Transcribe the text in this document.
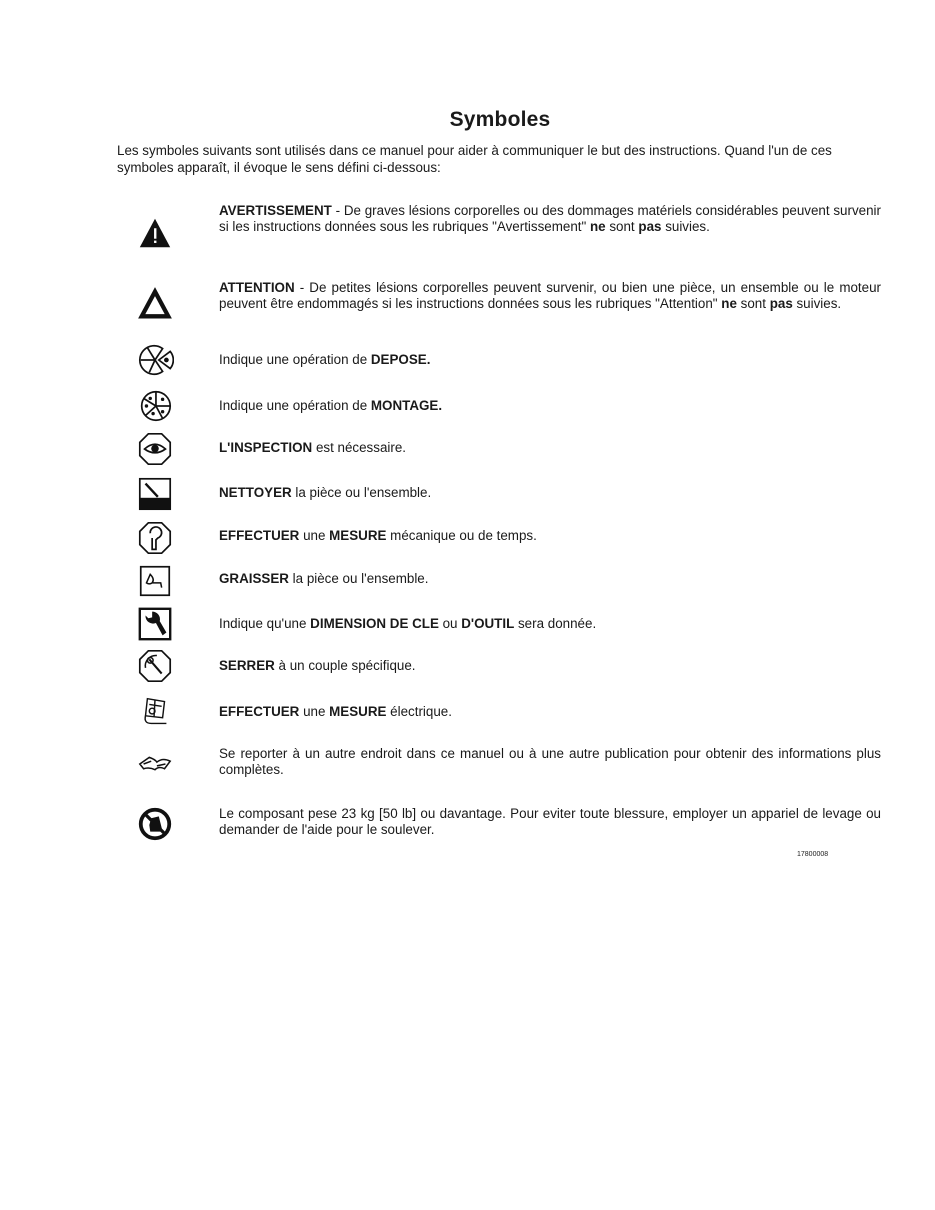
Symboles
Les symboles suivants sont utilisés dans ce manuel pour aider à communiquer le but des instructions. Quand l'un de ces symboles apparaît, il évoque le sens défini ci-dessous:
AVERTISSEMENT - De graves lésions corporelles ou des dommages matériels considérables peuvent survenir si les instructions données sous les rubriques "Avertissement" ne sont pas suivies.
ATTENTION - De petites lésions corporelles peuvent survenir, ou bien une pièce, un ensemble ou le moteur peuvent être endommagés si les instructions données sous les rubriques "Attention" ne sont pas suivies.
Indique une opération de DEPOSE.
Indique une opération de MONTAGE.
L'INSPECTION est nécessaire.
NETTOYER la pièce ou l'ensemble.
EFFECTUER une MESURE mécanique ou de temps.
GRAISSER la pièce ou l'ensemble.
Indique qu'une DIMENSION DE CLE ou D'OUTIL sera donnée.
SERRER à un couple spécifique.
EFFECTUER une MESURE électrique.
Se reporter à un autre endroit dans ce manuel ou à une autre publication pour obtenir des informations plus complètes.
Le composant pese 23 kg [50 lb] ou davantage. Pour eviter toute blessure, employer un appariel de levage ou demander de l'aide pour le soulever.
17800008
